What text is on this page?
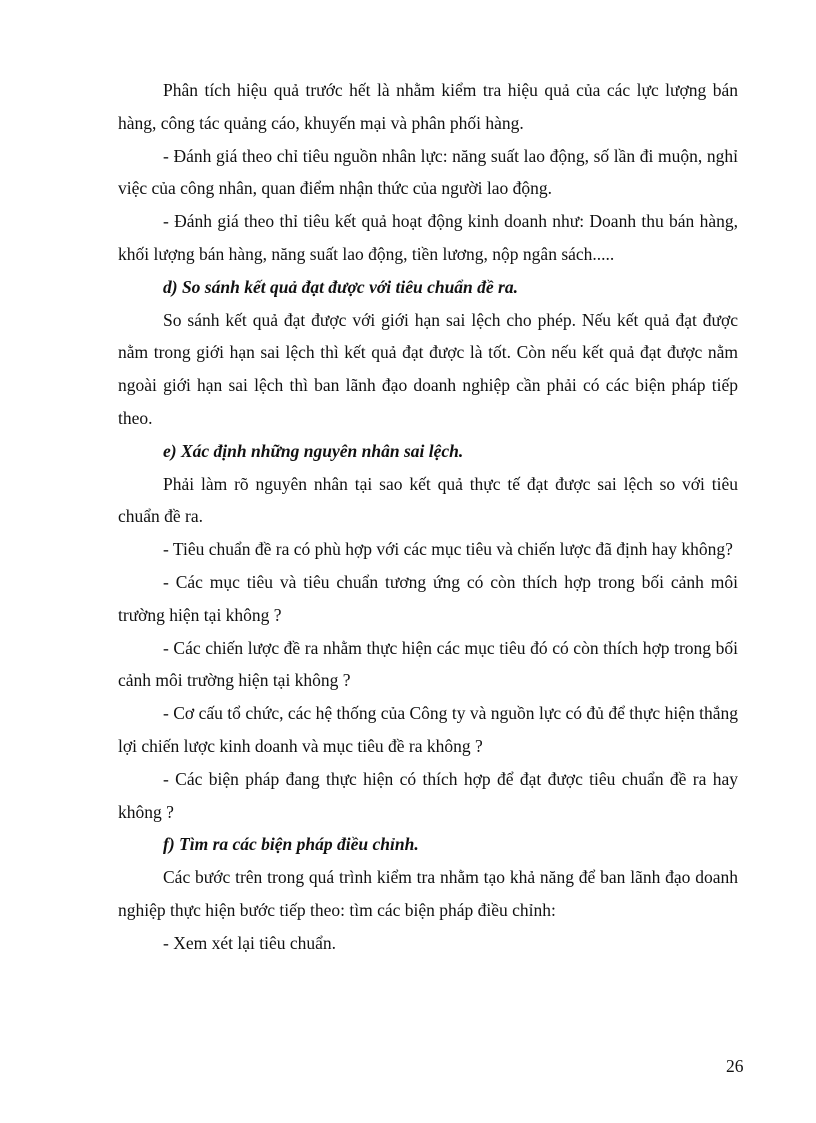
Phân tích hiệu quả trước hết là nhằm kiểm tra hiệu quả của các lực lượng bán hàng, công tác quảng cáo, khuyến mại và phân phối hàng.

- Đánh giá theo chỉ tiêu nguồn nhân lực: năng suất lao động, số lần đi muộn, nghỉ việc của công nhân, quan điểm nhận thức của người lao động.

- Đánh giá theo thỉ tiêu kết quả hoạt động kinh doanh như: Doanh thu bán hàng, khối lượng bán hàng, năng suất lao động, tiền lương, nộp ngân sách.....

d) So sánh kết quả đạt được với tiêu chuẩn đề ra.

So sánh kết quả đạt được với giới hạn sai lệch cho phép. Nếu kết quả đạt được nằm trong giới hạn sai lệch thì kết quả đạt được là tốt. Còn nếu kết quả đạt được nằm ngoài giới hạn sai lệch thì ban lãnh đạo doanh nghiệp cần phải có các biện pháp tiếp theo.

e) Xác định những nguyên nhân sai lệch.

Phải làm rõ nguyên nhân tại sao kết quả thực tế đạt được sai lệch so với tiêu chuẩn đề ra.

- Tiêu chuẩn đề ra có phù hợp với các mục tiêu và chiến lược đã định hay không?

- Các mục tiêu và tiêu chuẩn tương ứng có còn thích hợp trong bối cảnh môi trường hiện tại không ?

- Các chiến lược đề ra nhằm thực hiện các mục tiêu đó có còn thích hợp trong bối cảnh môi trường hiện tại không ?

- Cơ cấu tổ chức, các hệ thống của Công ty và nguồn lực có đủ để thực hiện thắng lợi chiến lược kinh doanh và mục tiêu đề ra không ?

- Các biện pháp đang thực hiện có thích hợp để đạt được tiêu chuẩn đề ra hay không ?

f) Tìm ra các biện pháp điều chỉnh.

Các bước trên trong quá trình kiểm tra nhằm tạo khả năng để ban lãnh đạo doanh nghiệp thực hiện bước tiếp theo: tìm các biện pháp điều chỉnh:

- Xem xét lại tiêu chuẩn.

26
